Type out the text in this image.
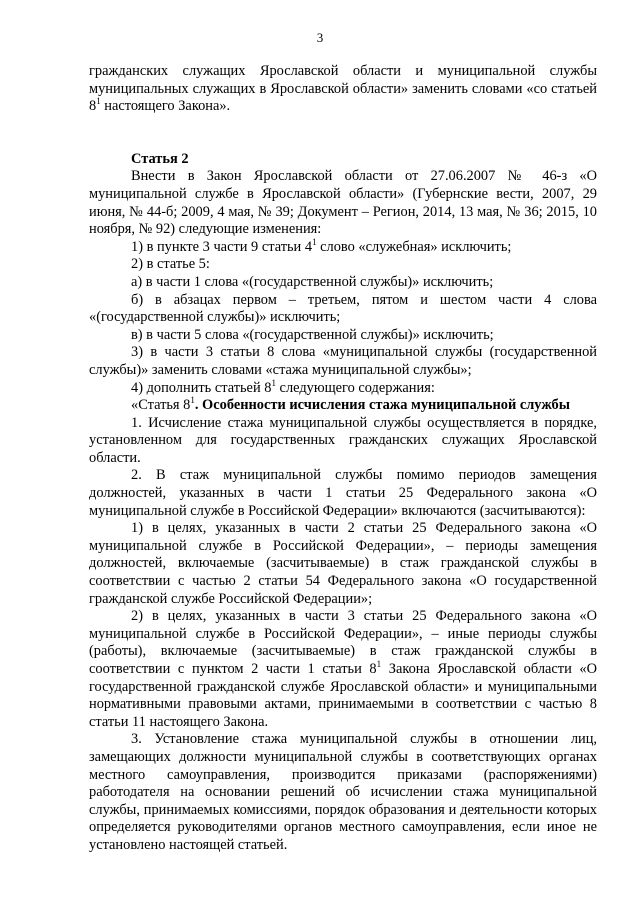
3

гражданских служащих Ярославской области и муниципальной службы муниципальных служащих в Ярославской области» заменить словами «со статьей $8^1$ настоящего Закона».

Статья 2

Внести в Закон Ярославской области от 27.06.2007 № 46-з «О муниципальной службе в Ярославской области» (Губернские вести, 2007, 29 июня, № 44-б; 2009, 4 мая, № 39; Документ – Регион, 2014, 13 мая, № 36; 2015, 10 ноября, № 92) следующие изменения:

1) в пункте 3 части 9 статьи $4^1$ слово «служебная» исключить;

2) в статье 5:

а) в части 1 слова «(государственной службы)» исключить;

б) в абзацах первом – третьем, пятом и шестом части 4 слова «(государственной службы)» исключить;

в) в части 5 слова «(государственной службы)» исключить;

3) в части 3 статьи 8 слова «муниципальной службы (государственной службы)» заменить словами «стажа муниципальной службы»;

4) дополнить статьей $8^1$ следующего содержания:

«Статья $8^1$. Особенности исчисления стажа муниципальной службы

1. Исчисление стажа муниципальной службы осуществляется в порядке, установленном для государственных гражданских служащих Ярославской области.

2. В стаж муниципальной службы помимо периодов замещения должностей, указанных в части 1 статьи 25 Федерального закона «О муниципальной службе в Российской Федерации» включаются (засчитываются):

1) в целях, указанных в части 2 статьи 25 Федерального закона «О муниципальной службе в Российской Федерации», – периоды замещения должностей, включаемые (засчитываемые) в стаж гражданской службы в соответствии с частью 2 статьи 54 Федерального закона «О государственной гражданской службе Российской Федерации»;

2) в целях, указанных в части 3 статьи 25 Федерального закона «О муниципальной службе в Российской Федерации», – иные периоды службы (работы), включаемые (засчитываемые) в стаж гражданской службы в соответствии с пунктом 2 части 1 статьи $8^1$ Закона Ярославской области «О государственной гражданской службе Ярославской области» и муниципальными нормативными правовыми актами, принимаемыми в соответствии с частью 8 статьи 11 настоящего Закона.

3. Установление стажа муниципальной службы в отношении лиц, замещающих должности муниципальной службы в соответствующих органах местного самоуправления, производится приказами (распоряжениями) работодателя на основании решений об исчислении стажа муниципальной службы, принимаемых комиссиями, порядок образования и деятельности которых определяется руководителями органов местного самоуправления, если иное не установлено настоящей статьей.
